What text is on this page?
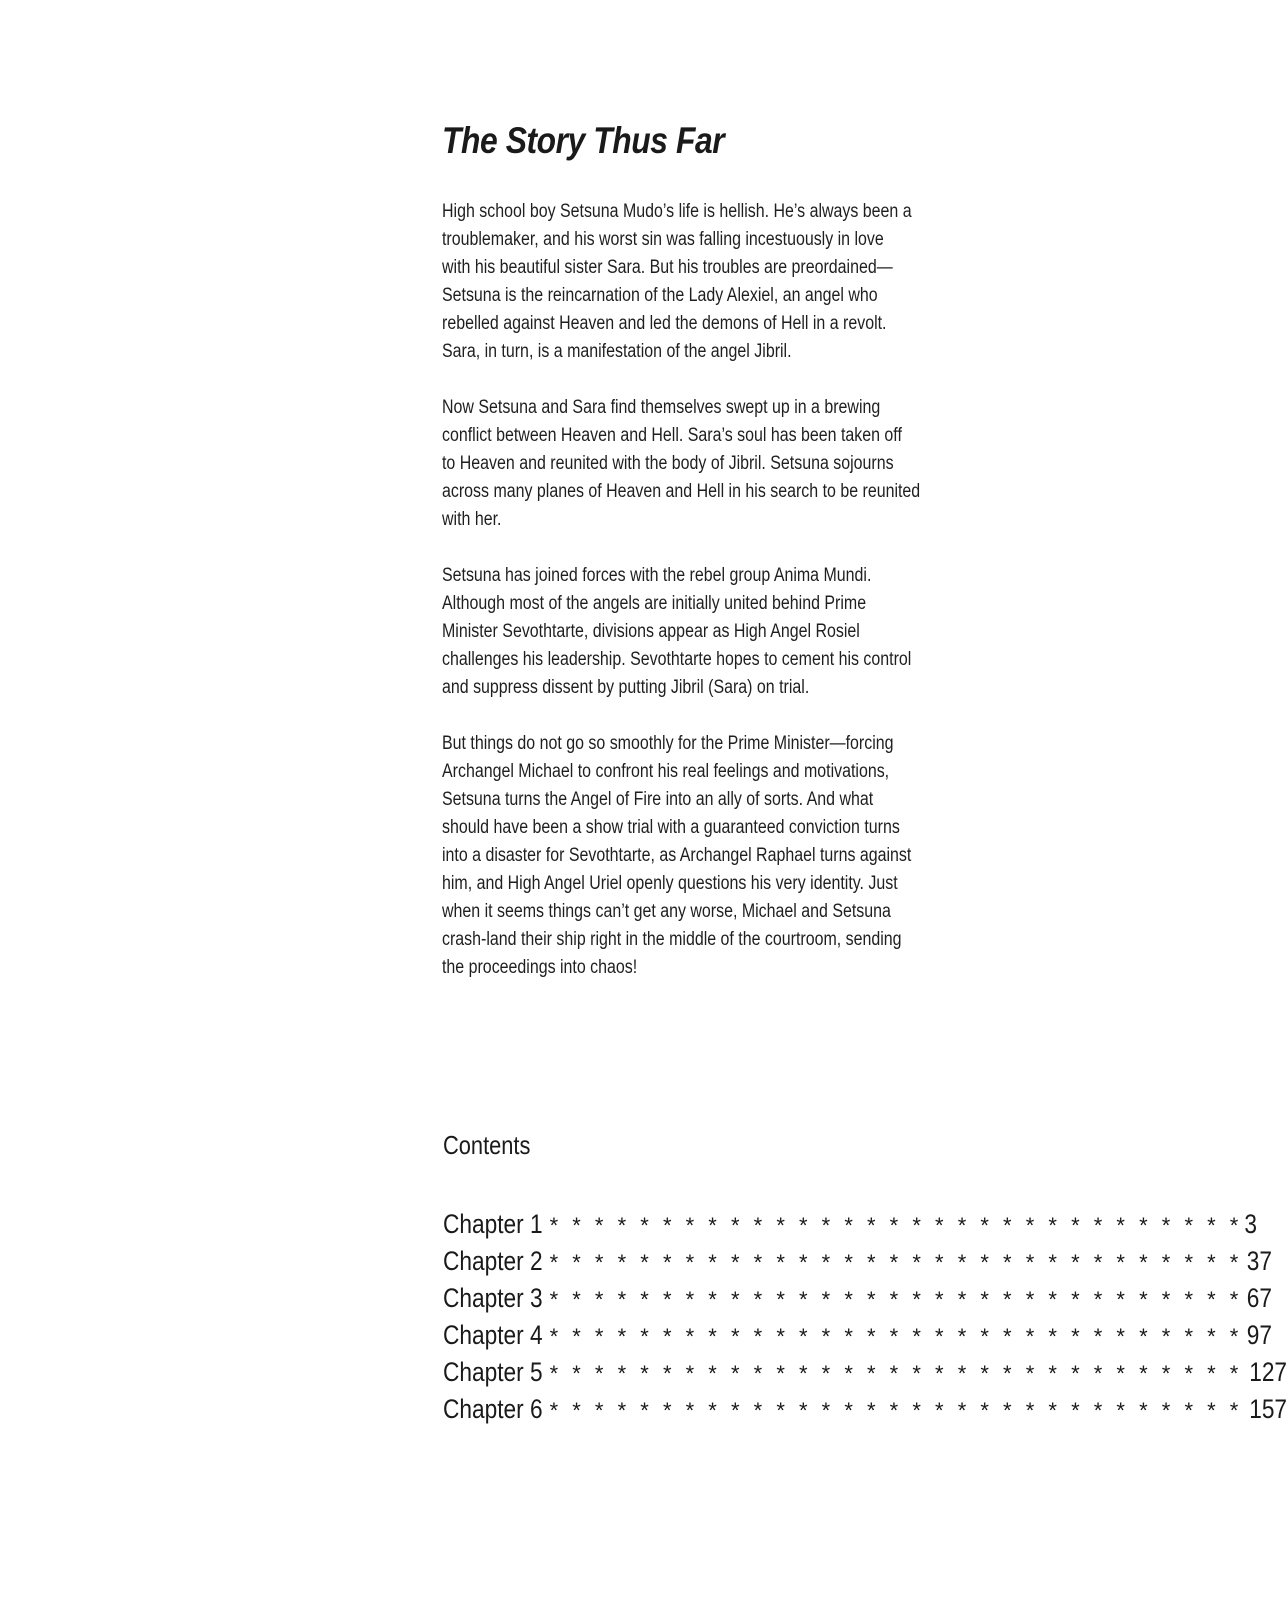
The Story Thus Far
High school boy Setsuna Mudo’s life is hellish. He’s always been a
troublemaker, and his worst sin was falling incestuously in love
with his beautiful sister Sara. But his troubles are preordained—
Setsuna is the reincarnation of the Lady Alexiel, an angel who
rebelled against Heaven and led the demons of Hell in a revolt.
Sara, in turn, is a manifestation of the angel Jibril.
Now Setsuna and Sara find themselves swept up in a brewing
conflict between Heaven and Hell. Sara’s soul has been taken off
to Heaven and reunited with the body of Jibril. Setsuna sojourns
across many planes of Heaven and Hell in his search to be reunited
with her.
Setsuna has joined forces with the rebel group Anima Mundi.
Although most of the angels are initially united behind Prime
Minister Sevothtarte, divisions appear as High Angel Rosiel
challenges his leadership. Sevothtarte hopes to cement his control
and suppress dissent by putting Jibril (Sara) on trial.
But things do not go so smoothly for the Prime Minister—forcing
Archangel Michael to confront his real feelings and motivations,
Setsuna turns the Angel of Fire into an ally of sorts. And what
should have been a show trial with a guaranteed conviction turns
into a disaster for Sevothtarte, as Archangel Raphael turns against
him, and High Angel Uriel openly questions his very identity. Just
when it seems things can’t get any worse, Michael and Setsuna
crash-land their ship right in the middle of the courtroom, sending
the proceedings into chaos!
Contents
Chapter 1 * * * * * * * * * * * * * * * * * * * * * * * * * * * * * * * 3
Chapter 2 * * * * * * * * * * * * * * * * * * * * * * * * * * * * * * * 37
Chapter 3 * * * * * * * * * * * * * * * * * * * * * * * * * * * * * * * 67
Chapter 4 * * * * * * * * * * * * * * * * * * * * * * * * * * * * * * * 97
Chapter 5 * * * * * * * * * * * * * * * * * * * * * * * * * * * * * * * 127
Chapter 6 * * * * * * * * * * * * * * * * * * * * * * * * * * * * * * * 157
